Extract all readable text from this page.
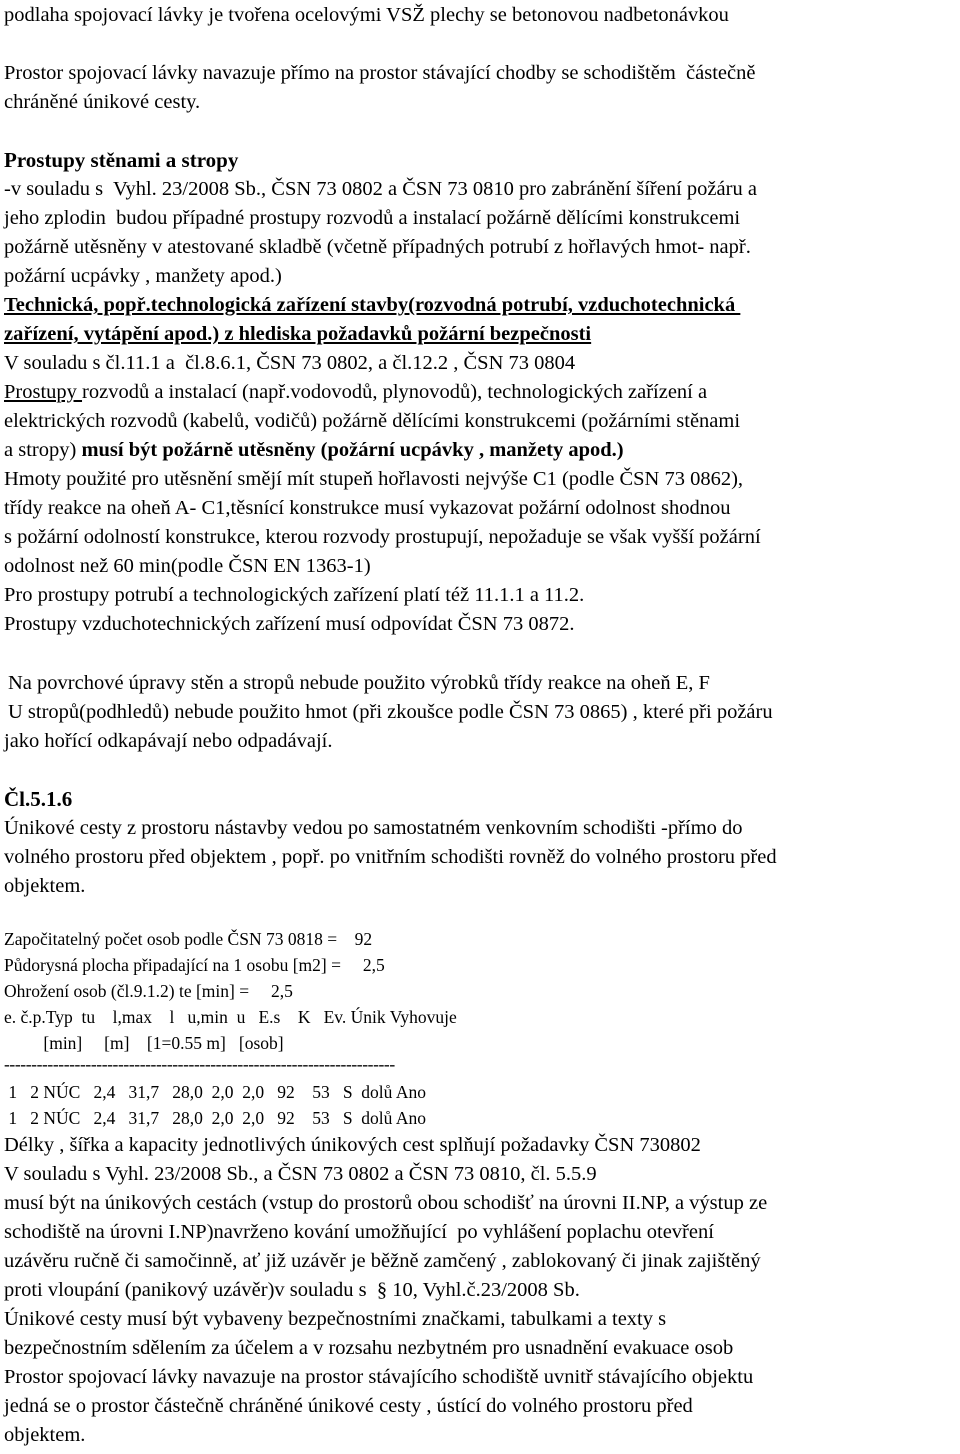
podlaha spojovací lávky je tvořena ocelovými VSŽ plechy se betonovou nadbetonávkou

Prostor spojovací lávky navazuje přímo na prostor stávající chodby se schodištěm  částečně

chráněné únikové cesty.

Prostupy stěnami a stropy

-v souladu s  Vyhl. 23/2008 Sb., ČSN 73 0802 a ČSN 73 0810 pro zabránění šíření požáru a

jeho zplodin  budou případné prostupy rozvodů a instalací požárně dělícími konstrukcemi

požárně utěsněny v atestované skladbě (včetně případných potrubí z hořlavých hmot- např.

požární ucpávky , manžety apod.)

Technická, popř.technologická zařízení stavby(rozvodná potrubí, vzduchotechnická

zařízení, vytápění apod.) z hlediska požadavků požární bezpečnosti

V souladu s čl.11.1 a  čl.8.6.1, ČSN 73 0802, a čl.12.2 , ČSN 73 0804

Prostupy rozvodů a instalací (např.vodovodů, plynovodů), technologických zařízení a

elektrických rozvodů (kabelů, vodičů) požárně dělícími konstrukcemi (požárními stěnami

a stropy) musí být požárně utěsněny (požární ucpávky , manžety apod.)

Hmoty použité pro utěsnění smějí mít stupeň hořlavosti nejvýše C1 (podle ČSN 73 0862),

třídy reakce na oheň A- C1,těsnící konstrukce musí vykazovat požární odolnost shodnou

s požární odolností konstrukce, kterou rozvody prostupují, nepožaduje se však vyšší požární

odolnost než 60 min(podle ČSN EN 1363-1)

Pro prostupy potrubí a technologických zařízení platí též 11.1.1 a 11.2.

Prostupy vzduchotechnických zařízení musí odpovídat ČSN 73 0872.

Na povrchové úpravy stěn a stropů nebude použito výrobků třídy reakce na oheň E, F

U stropů(podhledů) nebude použito hmot (při zkoušce podle ČSN 73 0865) , které při požáru

jako hořící odkapávají nebo odpadávají.

Čl.5.1.6

Únikové cesty z prostoru nástavby vedou po samostatném venkovním schodišti -přímo do

volného prostoru před objektem , popř. po vnitřním schodišti rovněž do volného prostoru před

objektem.

Započitatelný počet osob podle ČSN 73 0818 =    92

Půdorysná plocha připadající na 1 osobu [m2] =     2,5

Ohrožení osob (čl.9.1.2) te [min] =     2,5

e. č.p.Typ  tu    l,max    l   u,min  u   E.s    K   Ev. Únik Vyhovuje

[min]     [m]    [1=0.55 m]   [osob]

------------------------------------------------------------------------

1   2 NÚC   2,4   31,7   28,0  2,0  2,0   92    53   S  dolů Ano

1   2 NÚC   2,4   31,7   28,0  2,0  2,0   92    53   S  dolů Ano

Délky , šířka a kapacity jednotlivých únikových cest splňují požadavky ČSN 730802

V souladu s Vyhl. 23/2008 Sb., a ČSN 73 0802 a ČSN 73 0810, čl. 5.5.9

musí být na únikových cestách (vstup do prostorů obou schodišť na úrovni II.NP, a výstup ze

schodiště na úrovni I.NP)navrženo kování umožňující  po vyhlášení poplachu otevření

uzávěru ručně či samočinně, ať již uzávěr je běžně zamčený , zablokovaný či jinak zajištěný

proti vloupání (panikový uzávěr)v souladu s  § 10, Vyhl.č.23/2008 Sb.

Únikové cesty musí být vybaveny bezpečnostními značkami, tabulkami a texty s

bezpečnostním sdělením za účelem a v rozsahu nezbytném pro usnadnění evakuace osob

Prostor spojovací lávky navazuje na prostor stávajícího schodiště uvnitř stávajícího objektu

jedná se o prostor částečně chráněné únikové cesty , ústící do volného prostoru před

objektem.
